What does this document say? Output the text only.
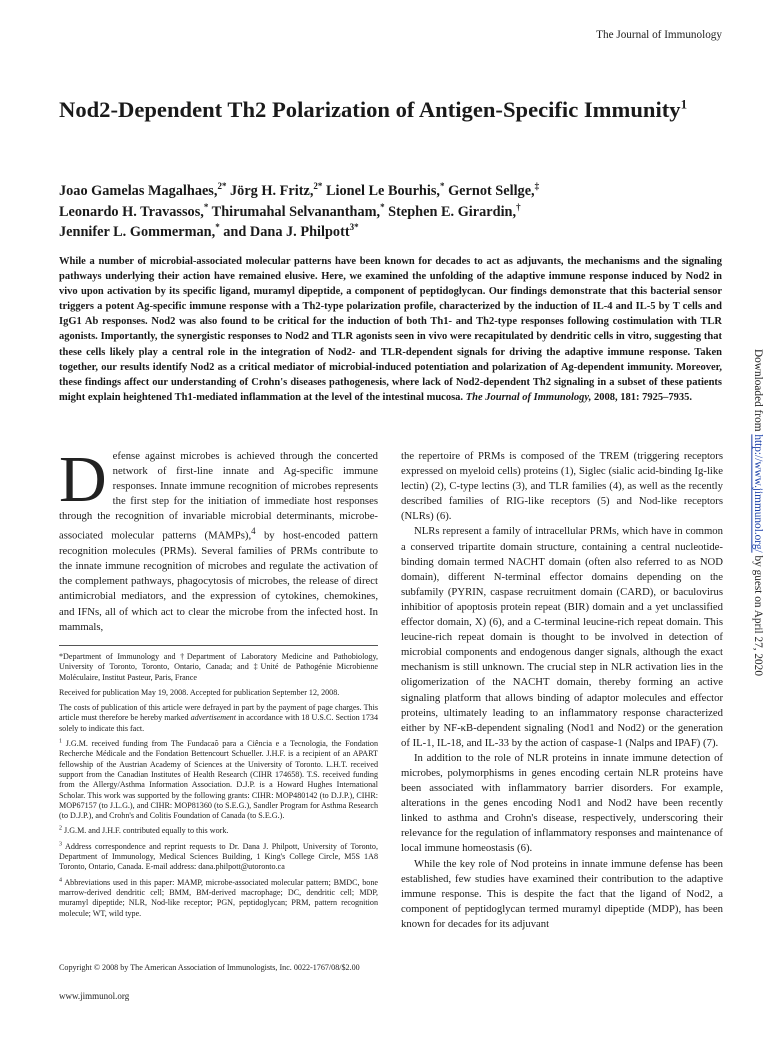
The Journal of Immunology
Nod2-Dependent Th2 Polarization of Antigen-Specific Immunity$^1$
Joao Gamelas Magalhaes,$^{2*}$ Jörg H. Fritz,$^{2*}$ Lionel Le Bourhis,* Gernot Sellge,‡
Leonardo H. Travassos,* Thirumahal Selvanantham,* Stephen E. Girardin,†
Jennifer L. Gommerman,* and Dana J. Philpott$^{3*}$

While a number of microbial-associated molecular patterns have been known for decades to act as adjuvants, the mechanisms and the signaling pathways underlying their action have remained elusive. Here, we examined the unfolding of the adaptive immune response induced by Nod2 in vivo upon activation by its specific ligand, muramyl dipeptide, a component of peptidoglycan. Our findings demonstrate that this bacterial sensor triggers a potent Ag-specific immune response with a Th2-type polarization profile, characterized by the induction of IL-4 and IL-5 by T cells and IgG1 Ab responses. Nod2 was also found to be critical for the induction of both Th1- and Th2-type responses following costimulation with TLR agonists. Importantly, the synergistic responses to Nod2 and TLR agonists seen in vivo were recapitulated by dendritic cells in vitro, suggesting that these cells likely play a central role in the integration of Nod2- and TLR-dependent signals for driving the adaptive immune response. Taken together, our results identify Nod2 as a critical mediator of microbial-induced potentiation and polarization of Ag-dependent immunity. Moreover, these findings affect our understanding of Crohn's diseases pathogenesis, where lack of Nod2-dependent Th2 signaling in a subset of these patients might explain heightened Th1-mediated inflammation at the level of the intestinal mucosa. The Journal of Immunology, 2008, 181: 7925–7935.

Defense against microbes is achieved through the concerted network of first-line innate and Ag-specific immune responses. Innate immune recognition of microbes represents the first step for the initiation of immediate host responses through the recognition of invariable microbial determinants, microbe-associated molecular patterns (MAMPs),$^4$ by host-encoded pattern recognition molecules (PRMs). Several families of PRMs contribute to the innate immune recognition of microbes and regulate the activation of the complement pathways, phagocytosis of microbes, the release of direct antimicrobial mediators, and the expression of cytokines, chemokines, and IFNs, all of which act to clear the microbe from the infected host. In mammals,

*Department of Immunology and †Department of Laboratory Medicine and Pathobiology, University of Toronto, Toronto, Ontario, Canada; and ‡Unité de Pathogénie Microbienne Moléculaire, Institut Pasteur, Paris, France

Received for publication May 19, 2008. Accepted for publication September 12, 2008.

The costs of publication of this article were defrayed in part by the payment of page charges. This article must therefore be hereby marked advertisement in accordance with 18 U.S.C. Section 1734 solely to indicate this fact.

$^1$ J.G.M. received funding from The Fundacaõ para a Ciência e a Tecnologia, the Fondation Recherche Médicale and the Fondation Bettencourt Schueller. J.H.F. is a recipient of an APART fellowship of the Austrian Academy of Sciences at the University of Toronto. L.H.T. received support from the Canadian Institutes of Health Research (CIHR 174658). T.S. received funding from the Allergy/Asthma Information Association. D.J.P. is a Howard Hughes International Scholar. This work was supported by the following grants: CIHR: MOP480142 (to D.J.P.), CIHR: MOP67157 (to J.L.G.), and CIHR: MOP81360 (to S.E.G.), Sandler Program for Asthma Research (to D.J.P.), and Crohn's and Colitis Foundation of Canada (to S.E.G.).

$^2$ J.G.M. and J.H.F. contributed equally to this work.

$^3$ Address correspondence and reprint requests to Dr. Dana J. Philpott, University of Toronto, Department of Immunology, Medical Sciences Building, 1 King's College Circle, M5S 1A8 Toronto, Ontario, Canada. E-mail address: dana.philpott@utoronto.ca

$^4$ Abbreviations used in this paper: MAMP, microbe-associated molecular pattern; BMDC, bone marrow-derived dendritic cell; BMM, BM-derived macrophage; DC, dendritic cell; MDP, muramyl dipeptide; NLR, Nod-like receptor; PGN, peptidoglycan; PRM, pattern recognition molecule; WT, wild type.

Copyright © 2008 by The American Association of Immunologists, Inc. 0022-1767/08/$2.00
www.jimmunol.org

the repertoire of PRMs is composed of the TREM (triggering receptors expressed on myeloid cells) proteins (1), Siglec (sialic acid-binding Ig-like lectin) (2), C-type lectins (3), and TLR families (4), as well as the recently described families of RIG-like receptors (5) and Nod-like receptors (NLRs) (6).

NLRs represent a family of intracellular PRMs, which have in common a conserved tripartite domain structure, containing a central nucleotide-binding domain termed NACHT domain (often also referred to as NOD domain), different N-terminal effector domains depending on the subfamily (PYRIN, caspase recruitment domain (CARD), or baculovirus inhibitior of apoptosis protein repeat (BIR) domain and a yet unclassified effector domain, X) (6), and a C-terminal leucine-rich repeat domain. This leucine-rich repeat domain is thought to be involved in detection of microbial components and endogenous danger signals, although the exact mechanism is still unknown. The crucial step in NLR activation lies in the oligomerization of the NACHT domain, thereby forming an active signaling platform that allows binding of adaptor molecules and effector proteins, ultimately leading to an inflammatory response characterized either by NF-κB-dependent signaling (Nod1 and Nod2) or the generation of IL-1, IL-18, and IL-33 by the action of caspase-1 (Nalps and IPAF) (7).

In addition to the role of NLR proteins in innate immune detection of microbes, polymorphisms in genes encoding certain NLR proteins have been associated with inflammatory barrier disorders. For example, alterations in the genes encoding Nod1 and Nod2 have been recently linked to asthma and Crohn's disease, respectively, underscoring their relevance for the regulation of inflammatory responses and maintenance of local immune homeostasis (6).

While the key role of Nod proteins in innate immune defense has been established, few studies have examined their contribution to the adaptive immune response. This is despite the fact that the ligand of Nod2, a component of peptidoglycan termed muramyl dipeptide (MDP), has been known for decades for its adjuvant

Downloaded from http://www.jimmunol.org/ by guest on April 27, 2020
